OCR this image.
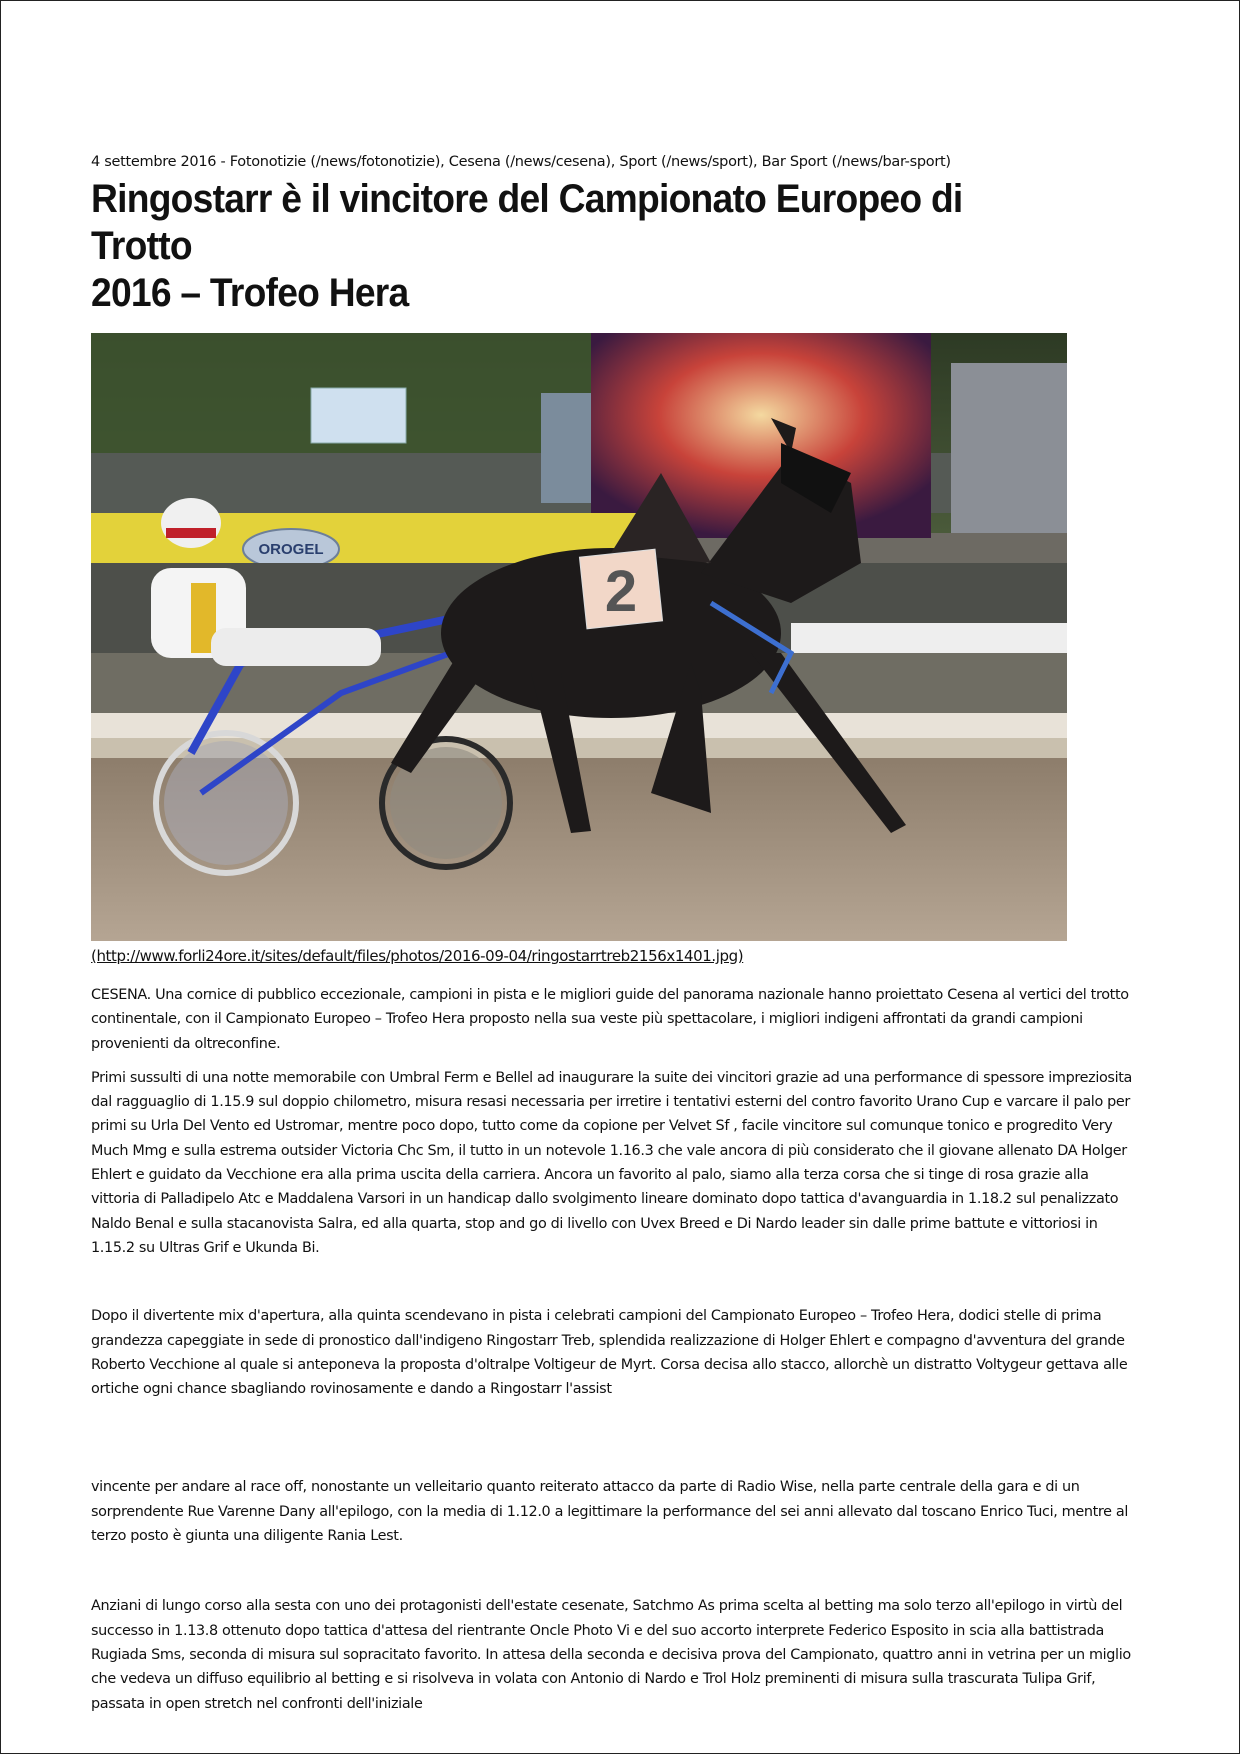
4 settembre 2016 - Fotonotizie (/news/fotonotizie), Cesena (/news/cesena), Sport (/news/sport), Bar Sport (/news/bar-sport)

Ringostarr è il vincitore del Campionato Europeo di Trotto
2016 – Trofeo Hera
OROGEL
2

(http://www.forli24ore.it/sites/default/files/photos/2016-09-04/ringostarrtreb2156x1401.jpg)

CESENA. Una cornice di pubblico eccezionale, campioni in pista e le migliori guide del panorama nazionale hanno proiettato Cesena al vertici del trotto continentale, con il Campionato Europeo – Trofeo Hera proposto nella sua veste più spettacolare, i migliori indigeni affrontati da grandi campioni provenienti da oltreconfine.

Primi sussulti di una notte memorabile con Umbral Ferm e Bellel ad inaugurare la suite dei vincitori grazie ad una performance di spessore impreziosita dal ragguaglio di 1.15.9 sul doppio chilometro, misura resasi necessaria per irretire i tentativi esterni del contro favorito Urano Cup e varcare il palo per primi su Urla Del Vento ed Ustromar, mentre poco dopo, tutto come da copione per Velvet Sf , facile vincitore sul comunque tonico e progredito Very Much Mmg e sulla estrema outsider Victoria Chc Sm, il tutto in un notevole 1.16.3 che vale ancora di più considerato che il giovane allenato DA Holger Ehlert e guidato da Vecchione era alla prima uscita della carriera. Ancora un favorito al palo, siamo alla terza corsa che si tinge di rosa grazie alla vittoria di Palladipelo Atc e Maddalena Varsori in un handicap dallo svolgimento lineare dominato dopo tattica d'avanguardia in 1.18.2 sul penalizzato Naldo Benal e sulla stacanovista Salra, ed alla quarta, stop and go di livello con Uvex Breed e Di Nardo leader sin dalle prime battute e vittoriosi in 1.15.2 su Ultras Grif e Ukunda Bi.

Dopo il divertente mix d'apertura, alla quinta scendevano in pista i celebrati campioni del Campionato Europeo – Trofeo Hera, dodici stelle di prima grandezza capeggiate in sede di pronostico dall'indigeno Ringostarr Treb, splendida realizzazione di Holger Ehlert e compagno d'avventura del grande Roberto Vecchione al quale si anteponeva la proposta d'oltralpe Voltigeur de Myrt. Corsa decisa allo stacco, allorchè un distratto Voltygeur gettava alle ortiche ogni chance sbagliando rovinosamente e dando a Ringostarr l'assist

vincente per andare al race off, nonostante un velleitario quanto reiterato attacco da parte di Radio Wise, nella parte centrale della gara e di un sorprendente Rue Varenne Dany all'epilogo, con la media di 1.12.0 a legittimare la performance del sei anni allevato dal toscano Enrico Tuci, mentre al terzo posto è giunta una diligente Rania Lest.

Anziani di lungo corso alla sesta con uno dei protagonisti dell'estate cesenate, Satchmo As prima scelta al betting ma solo terzo all'epilogo in virtù del successo in 1.13.8 ottenuto dopo tattica d'attesa del rientrante Oncle Photo Vi e del suo accorto interprete Federico Esposito in scia alla battistrada Rugiada Sms, seconda di misura sul sopracitato favorito. In attesa della seconda e decisiva prova del Campionato, quattro anni in vetrina per un miglio che vedeva un diffuso equilibrio al betting e si risolveva in volata con Antonio di Nardo e Trol Holz preminenti di misura sulla trascurata Tulipa Grif, passata in open stretch nel confronti dell'iniziale
